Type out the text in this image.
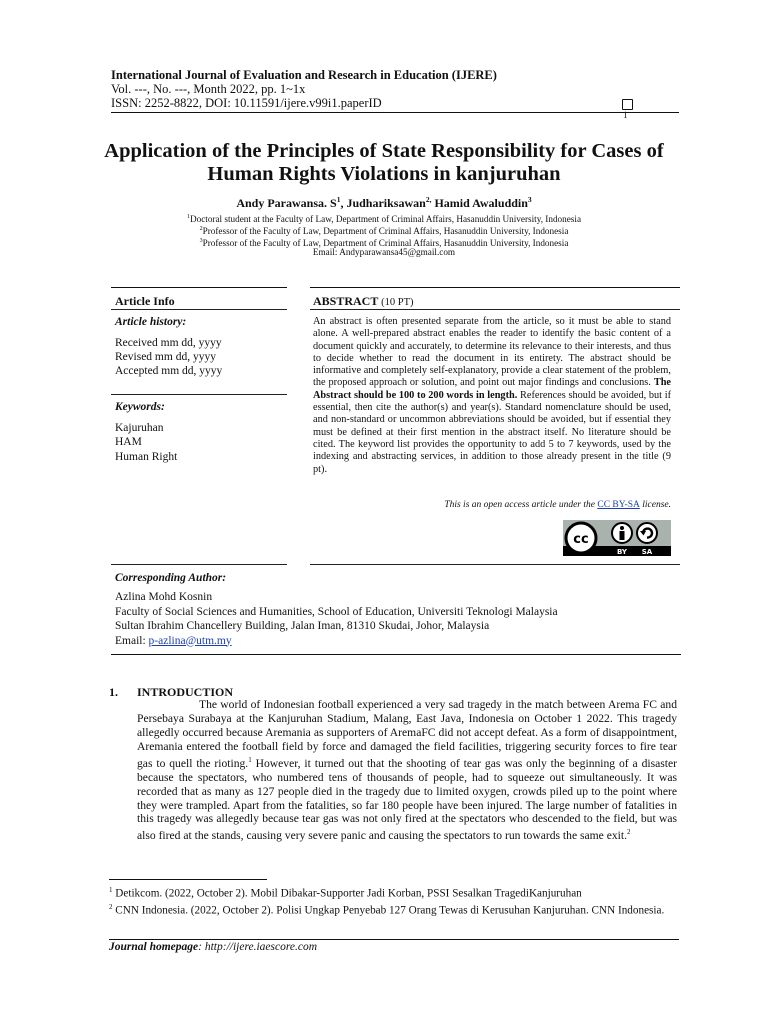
International Journal of Evaluation and Research in Education (IJERE)
Vol. ---, No. ---, Month 2022, pp. 1~1x
ISSN: 2252-8822, DOI: 10.11591/ijere.v99i1.paperID
1
Application of the Principles of State Responsibility for Cases of
Human Rights Violations in kanjuruhan
Andy Parawansa. $S^1$, Judhariksawan$^{2,}$ Hamid Awaluddin$^3$
$^1$Doctoral student at the Faculty of Law, Department of Criminal Affairs, Hasanuddin University, Indonesia
$^2$Professor of the Faculty of Law, Department of Criminal Affairs, Hasanuddin University, Indonesia
$^3$Professor of the Faculty of Law, Department of Criminal Affairs, Hasanuddin University, Indonesia
Email: Andyparawansa45@gmail.com
Article Info
Article history:
Received mm dd, yyyy
Revised mm dd, yyyy
Accepted mm dd, yyyy
Keywords:
Kajuruhan
HAM
Human Right
ABSTRACT (10 PT)
An abstract is often presented separate from the article, so it must be able to stand alone. A well-prepared abstract enables the reader to identify the basic content of a document quickly and accurately, to determine its relevance to their interests, and thus to decide whether to read the document in its entirety. The abstract should be informative and completely self-explanatory, provide a clear statement of the problem, the proposed approach or solution, and point out major findings and conclusions. The Abstract should be 100 to 200 words in length. References should be avoided, but if essential, then cite the author(s) and year(s). Standard nomenclature should be used, and non-standard or uncommon abbreviations should be avoided, but if essential they must be defined at their first mention in the abstract itself. No literature should be cited. The keyword list provides the opportunity to add 5 to 7 keywords, used by the indexing and abstracting services, in addition to those already present in the title (9 pt).
This is an open access article under the CC BY-SA license.
cc
BY SA
Corresponding Author:
Azlina Mohd Kosnin
Faculty of Social Sciences and Humanities, School of Education, Universiti Teknologi Malaysia
Sultan Ibrahim Chancellery Building, Jalan Iman, 81310 Skudai, Johor, Malaysia
Email: p-azlina@utm.my
1. INTRODUCTION
The world of Indonesian football experienced a very sad tragedy in the match between Arema FC and Persebaya Surabaya at the Kanjuruhan Stadium, Malang, East Java, Indonesia on October 1 2022. This tragedy allegedly occurred because Aremania as supporters of AremaFC did not accept defeat. As a form of disappointment, Aremania entered the football field by force and damaged the field facilities, triggering security forces to fire tear gas to quell the rioting.$^1$ However, it turned out that the shooting of tear gas was only the beginning of a disaster because the spectators, who numbered tens of thousands of people, had to squeeze out simultaneously. It was recorded that as many as 127 people died in the tragedy due to limited oxygen, crowds piled up to the point where they were trampled. Apart from the fatalities, so far 180 people have been injured. The large number of fatalities in this tragedy was allegedly because tear gas was not only fired at the spectators who descended to the field, but was also fired at the stands, causing very severe panic and causing the spectators to run towards the same exit.$^2$
$^1$ Detikcom. (2022, October 2). Mobil Dibakar-Supporter Jadi Korban, PSSI Sesalkan TragediKanjuruhan
$^2$ CNN Indonesia. (2022, October 2). Polisi Ungkap Penyebab 127 Orang Tewas di Kerusuhan Kanjuruhan. CNN Indonesia.
Journal homepage: http://ijere.iaescore.com
